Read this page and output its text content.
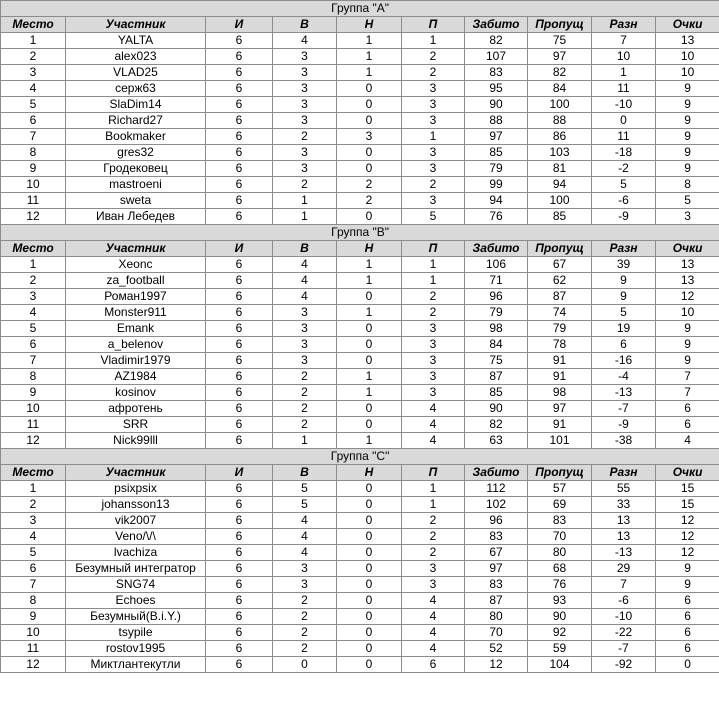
Группа "A"									
Место	Участник	И	В	Н	П	Забито	Пропущ	Разн	Очки
1	YALTA	6	4	1	1	82	75	7	13
2	alex023	6	3	1	2	107	97	10	10
3	VLAD25	6	3	1	2	83	82	1	10
4	серж63	6	3	0	3	95	84	11	9
5	SlaDim14	6	3	0	3	90	100	-10	9
6	Richard27	6	3	0	3	88	88	0	9
7	Bookmaker	6	2	3	1	97	86	11	9
8	gres32	6	3	0	3	85	103	-18	9
9	Гродековец	6	3	0	3	79	81	-2	9
10	mastroeni	6	2	2	2	99	94	5	8
11	sweta	6	1	2	3	94	100	-6	5
12	Иван Лебедев	6	1	0	5	76	85	-9	3
Группа "B"									
Место	Участник	И	В	Н	П	Забито	Пропущ	Разн	Очки
1	Xeonc	6	4	1	1	106	67	39	13
2	za_football	6	4	1	1	71	62	9	13
3	Роман1997	6	4	0	2	96	87	9	12
4	Monster911	6	3	1	2	79	74	5	10
5	Emank	6	3	0	3	98	79	19	9
6	a_belenov	6	3	0	3	84	78	6	9
7	Vladimir1979	6	3	0	3	75	91	-16	9
8	AZ1984	6	2	1	3	87	91	-4	7
9	kosinov	6	2	1	3	85	98	-13	7
10	афротень	6	2	0	4	90	97	-7	6
11	SRR	6	2	0	4	82	91	-9	6
12	Nick99lll	6	1	1	4	63	101	-38	4
Группа "C"									
Место	Участник	И	В	Н	П	Забито	Пропущ	Разн	Очки
1	psixpsix	6	5	0	1	112	57	55	15
2	johansson13	6	5	0	1	102	69	33	15
3	vik2007	6	4	0	2	96	83	13	12
4	Veno/\/\	6	4	0	2	83	70	13	12
5	lvachiza	6	4	0	2	67	80	-13	12
6	Безумный интегратор	6	3	0	3	97	68	29	9
7	SNG74	6	3	0	3	83	76	7	9
8	Echoes	6	2	0	4	87	93	-6	6
9	Безумный(B.i.Y.)	6	2	0	4	80	90	-10	6
10	tsypile	6	2	0	4	70	92	-22	6
11	rostov1995	6	2	0	4	52	59	-7	6
12	Миктлантекутли	6	0	0	6	12	104	-92	0
